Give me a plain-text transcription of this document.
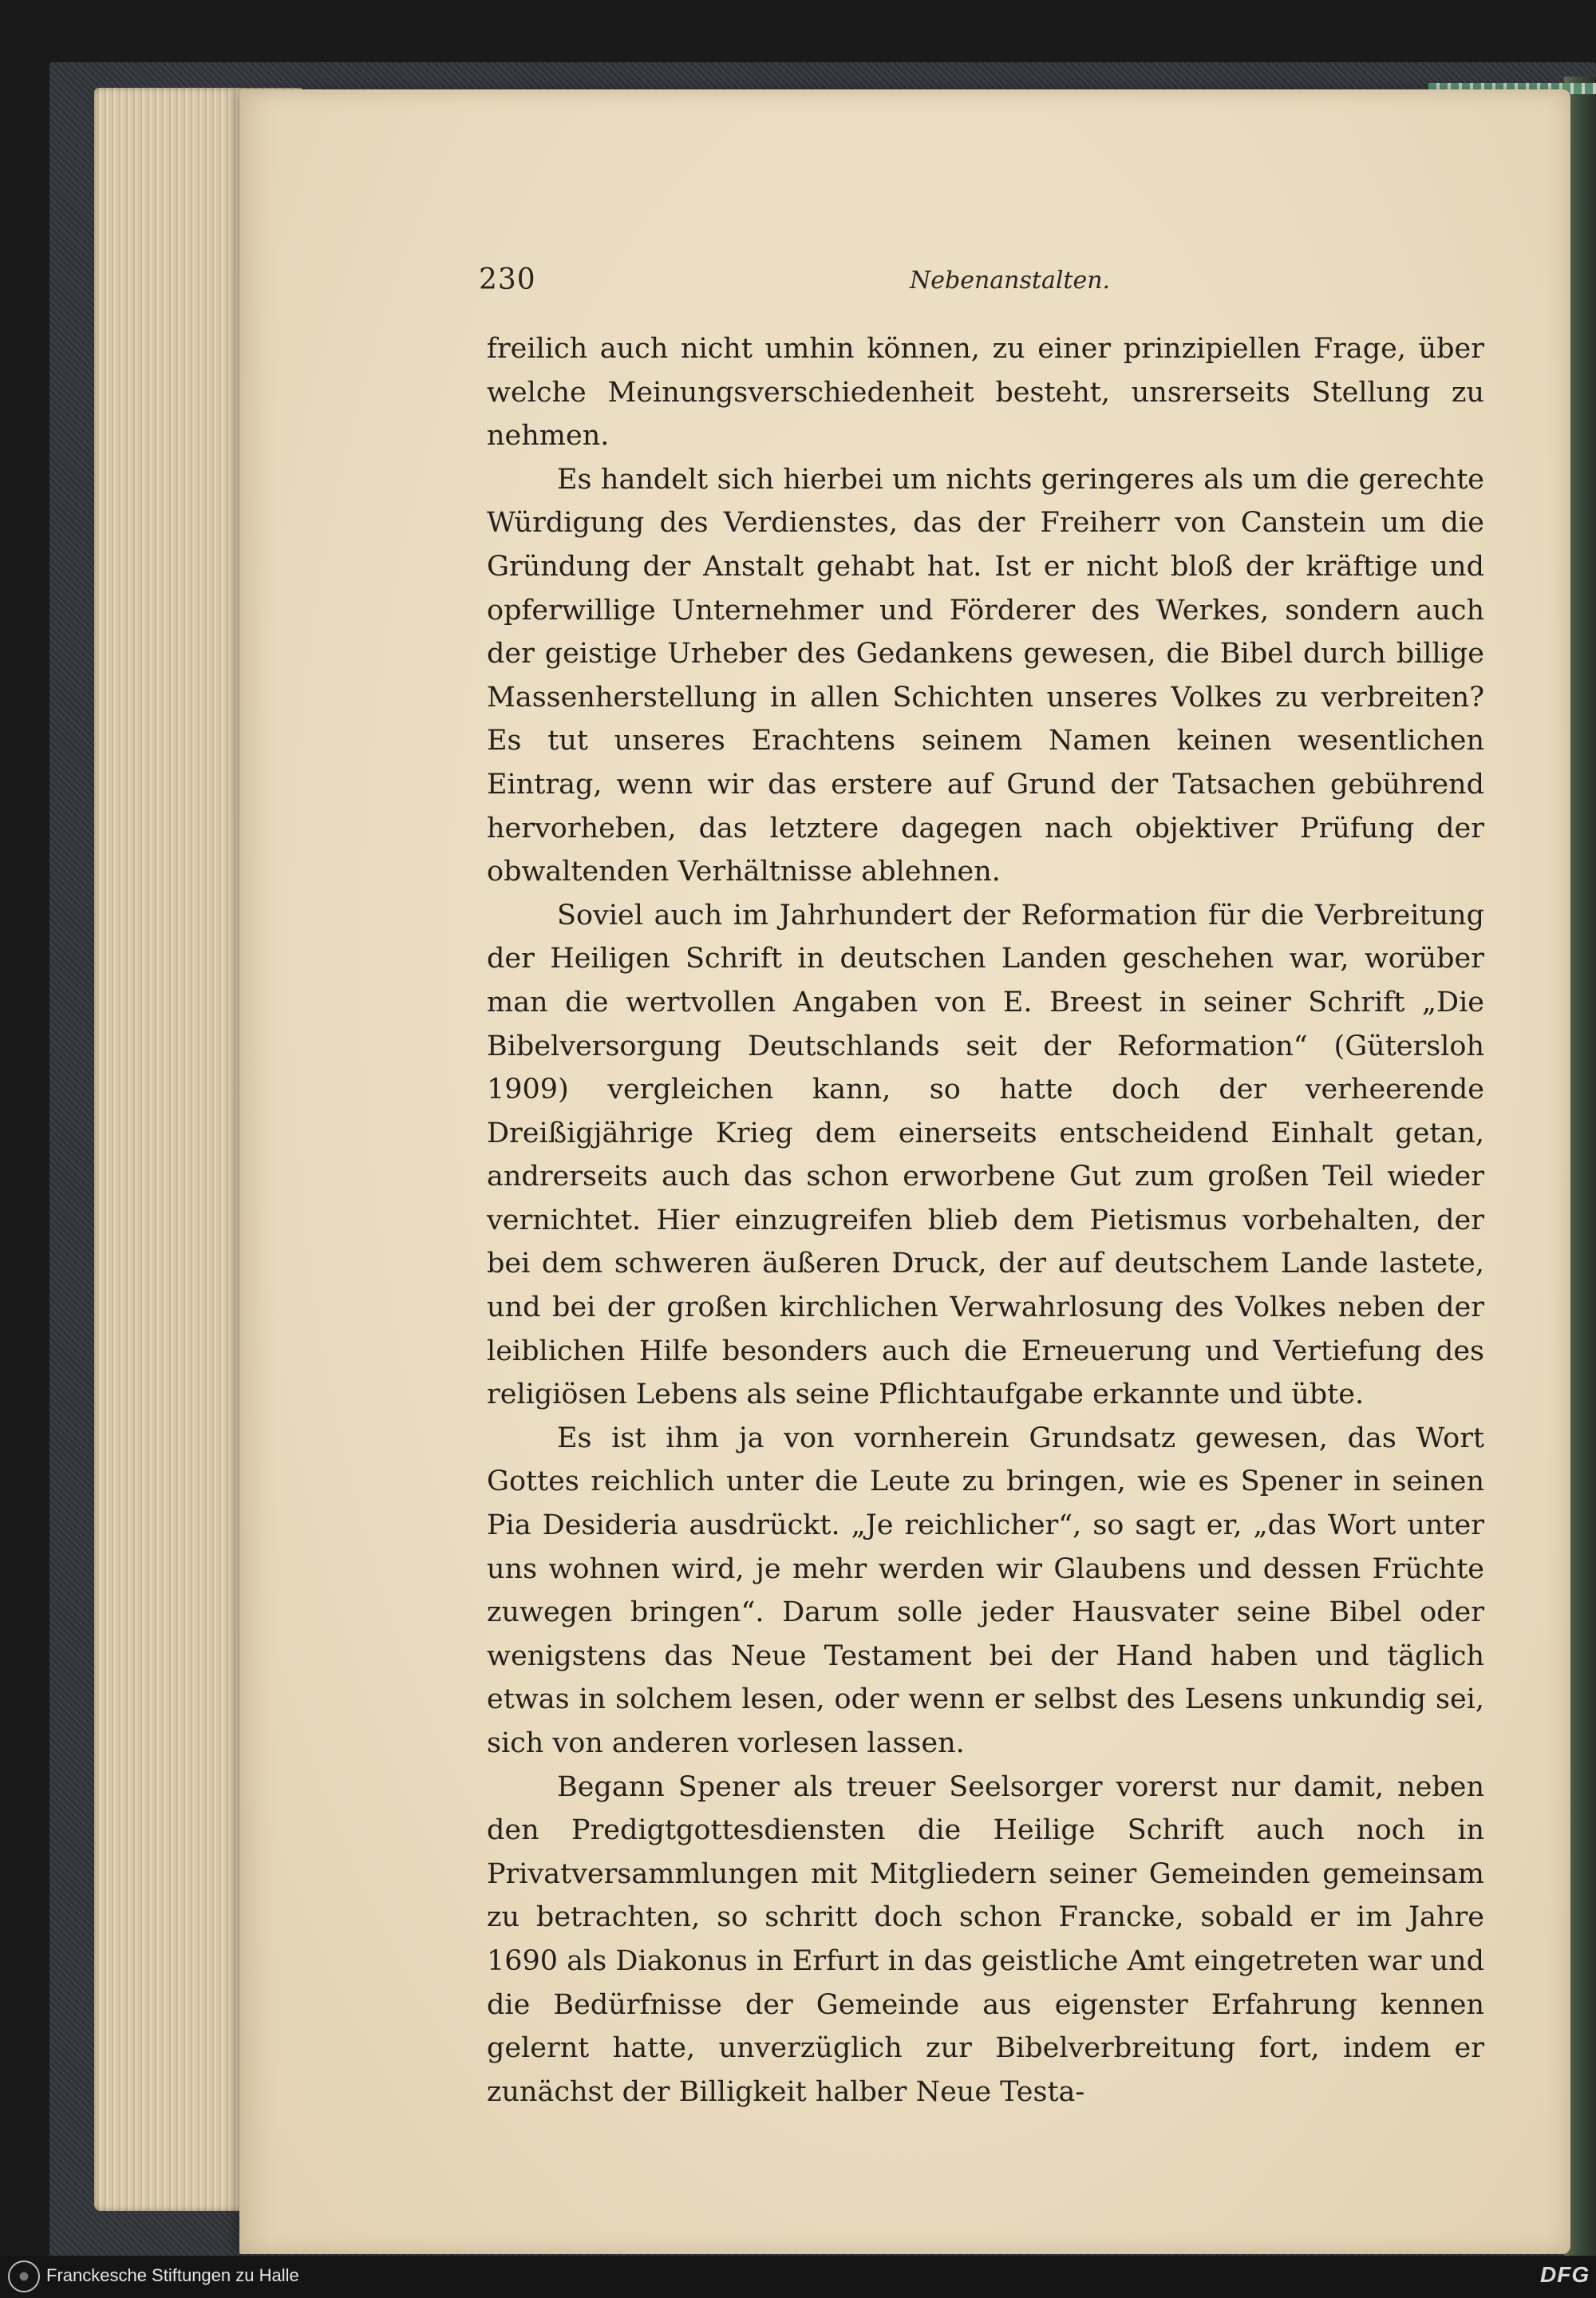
230	Nebenanstalten.

freilich auch nicht umhin können, zu einer prinzipiellen Frage, über welche Meinungsverschiedenheit besteht, unsrerseits Stellung zu nehmen.

Es handelt sich hierbei um nichts geringeres als um die gerechte Würdigung des Verdienstes, das der Freiherr von Canstein um die Gründung der Anstalt gehabt hat. Ist er nicht bloß der kräftige und opferwillige Unternehmer und Förderer des Werkes, sondern auch der geistige Urheber des Gedankens gewesen, die Bibel durch billige Massenherstellung in allen Schichten unseres Volkes zu verbreiten? Es tut unseres Erachtens seinem Namen keinen wesentlichen Eintrag, wenn wir das erstere auf Grund der Tatsachen gebührend hervorheben, das letztere dagegen nach objektiver Prüfung der obwaltenden Verhältnisse ablehnen.

Soviel auch im Jahrhundert der Reformation für die Verbreitung der Heiligen Schrift in deutschen Landen geschehen war, worüber man die wertvollen Angaben von E. Breest in seiner Schrift „Die Bibelversorgung Deutschlands seit der Reformation“ (Gütersloh 1909) vergleichen kann, so hatte doch der verheerende Dreißigjährige Krieg dem einerseits entscheidend Einhalt getan, andrerseits auch das schon erworbene Gut zum großen Teil wieder vernichtet. Hier einzugreifen blieb dem Pietismus vorbehalten, der bei dem schweren äußeren Druck, der auf deutschem Lande lastete, und bei der großen kirchlichen Verwahrlosung des Volkes neben der leiblichen Hilfe besonders auch die Erneuerung und Vertiefung des religiösen Lebens als seine Pflichtaufgabe erkannte und übte.

Es ist ihm ja von vornherein Grundsatz gewesen, das Wort Gottes reichlich unter die Leute zu bringen, wie es Spener in seinen Pia Desideria ausdrückt. „Je reichlicher“, so sagt er, „das Wort unter uns wohnen wird, je mehr werden wir Glaubens und dessen Früchte zuwegen bringen“. Darum solle jeder Hausvater seine Bibel oder wenigstens das Neue Testament bei der Hand haben und täglich etwas in solchem lesen, oder wenn er selbst des Lesens unkundig sei, sich von anderen vorlesen lassen.

Begann Spener als treuer Seelsorger vorerst nur damit, neben den Predigtgottesdiensten die Heilige Schrift auch noch in Privatversammlungen mit Mitgliedern seiner Gemeinden gemeinsam zu betrachten, so schritt doch schon Francke, sobald er im Jahre 1690 als Diakonus in Erfurt in das geistliche Amt eingetreten war und die Bedürfnisse der Gemeinde aus eigenster Erfahrung kennen gelernt hatte, unverzüglich zur Bibelverbreitung fort, indem er zunächst der Billigkeit halber Neue Testa-

Franckesche Stiftungen zu Halle	DFG
